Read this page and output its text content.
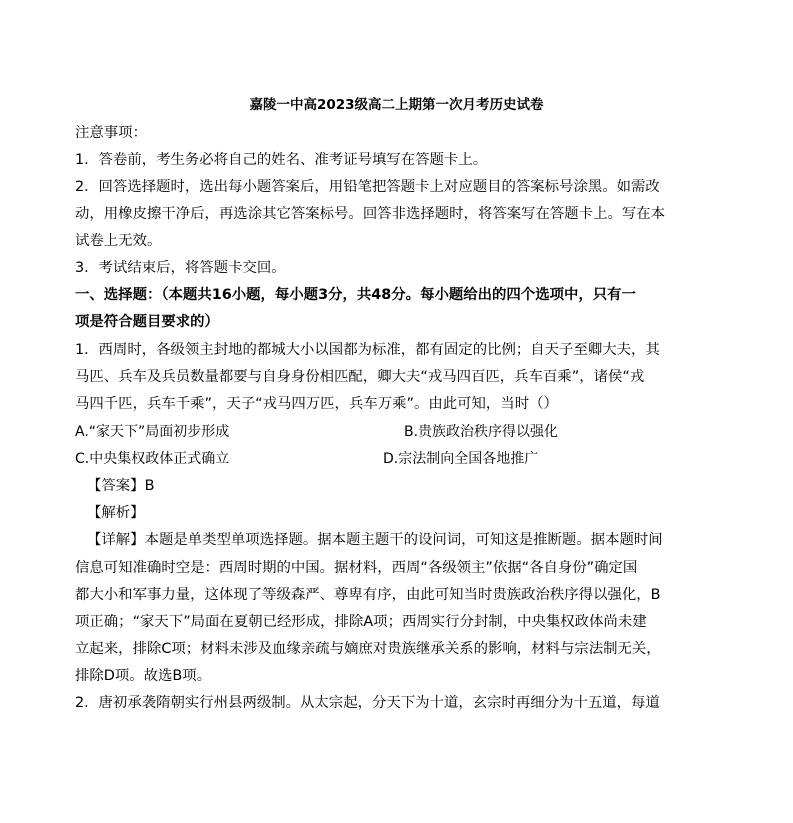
嘉陵一中高2023级高二上期第一次月考历史试卷
注意事项：
1．答卷前，考生务必将自己的姓名、准考证号填写在答题卡上。
2．回答选择题时，选出每小题答案后，用铅笔把答题卡上对应题目的答案标号涂黑。如需改
动，用橡皮擦干净后，再选涂其它答案标号。回答非选择题时，将答案写在答题卡上。写在本
试卷上无效。
3．考试结束后，将答题卡交回。
一、选择题：（本题共16小题，每小题3分，共48分。每小题给出的四个选项中，只有一
项是符合题目要求的）
1．西周时，各级领主封地的都城大小以国都为标准，都有固定的比例；自天子至卿大夫，其
马匹、兵车及兵员数量都要与自身身份相匹配，卿大夫“戎马四百匹，兵车百乘”，诸侯“戎
马四千匹，兵车千乘”，天子“戎马四万匹，兵车万乘”。由此可知，当时（）
A.“家天下”局面初步形成	B.贵族政治秩序得以强化
C.中央集权政体正式确立	D.宗法制向全国各地推广
【答案】B
【解析】
【详解】本题是单类型单项选择题。据本题主题干的设问词，可知这是推断题。据本题时间
信息可知准确时空是：西周时期的中国。据材料，西周“各级领主”依据“各自身份”确定国
都大小和军事力量，这体现了等级森严、尊卑有序，由此可知当时贵族政治秩序得以强化，B
项正确；“家天下”局面在夏朝已经形成，排除A项；西周实行分封制，中央集权政体尚未建
立起来，排除C项；材料未涉及血缘亲疏与嫡庶对贵族继承关系的影响，材料与宗法制无关，
排除D项。故选B项。
2．唐初承袭隋朝实行州县两级制。从太宗起，分天下为十道，玄宗时再细分为十五道，每道
